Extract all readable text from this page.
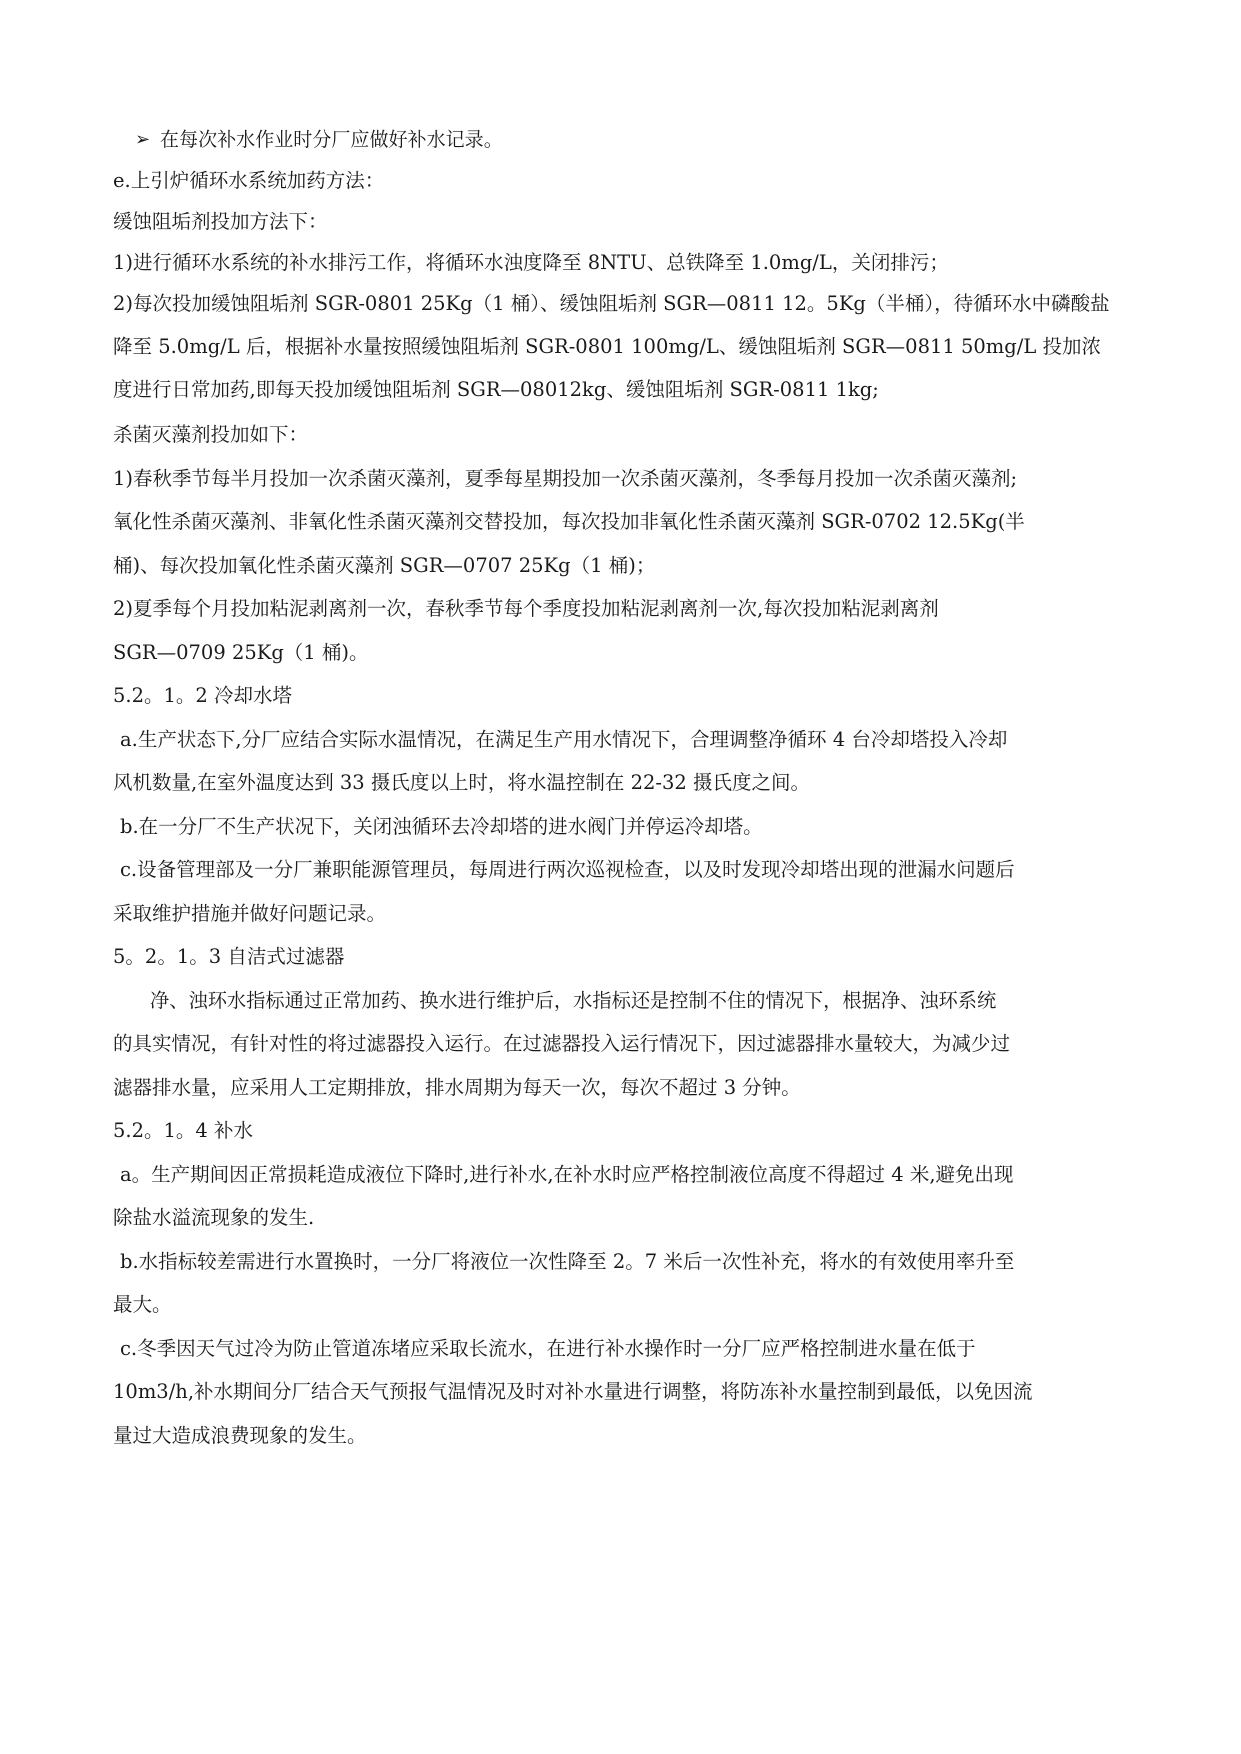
➢ 在每次补水作业时分厂应做好补水记录。
e.上引炉循环水系统加药方法：
缓蚀阻垢剂投加方法下：
1)进行循环水系统的补水排污工作，将循环水浊度降至 8NTU、总铁降至 1.0mg/L，关闭排污；
2)每次投加缓蚀阻垢剂 SGR-0801 25Kg（1 桶）、缓蚀阻垢剂 SGR—0811 12。5Kg（半桶），待循环水中磷酸盐
降至 5.0mg/L 后，根据补水量按照缓蚀阻垢剂 SGR-0801 100mg/L、缓蚀阻垢剂 SGR—0811 50mg/L 投加浓
度进行日常加药,即每天投加缓蚀阻垢剂 SGR—08012kg、缓蚀阻垢剂 SGR-0811 1kg;
杀菌灭藻剂投加如下：
1)春秋季节每半月投加一次杀菌灭藻剂，夏季每星期投加一次杀菌灭藻剂，冬季每月投加一次杀菌灭藻剂;
氧化性杀菌灭藻剂、非氧化性杀菌灭藻剂交替投加，每次投加非氧化性杀菌灭藻剂 SGR-0702 12.5Kg(半
桶)、每次投加氧化性杀菌灭藻剂 SGR—0707 25Kg（1 桶)；
2)夏季每个月投加粘泥剥离剂一次，春秋季节每个季度投加粘泥剥离剂一次,每次投加粘泥剥离剂
SGR—0709 25Kg（1 桶)。
5.2。1。2 冷却水塔
a.生产状态下,分厂应结合实际水温情况，在满足生产用水情况下，合理调整净循环 4 台冷却塔投入冷却
风机数量,在室外温度达到 33 摄氏度以上时，将水温控制在 22-32 摄氏度之间。
b.在一分厂不生产状况下，关闭浊循环去冷却塔的进水阀门并停运冷却塔。
c.设备管理部及一分厂兼职能源管理员，每周进行两次巡视检查，以及时发现冷却塔出现的泄漏水问题后
采取维护措施并做好问题记录。
5。2。1。3 自洁式过滤器
净、浊环水指标通过正常加药、换水进行维护后，水指标还是控制不住的情况下，根据净、浊环系统
的具实情况，有针对性的将过滤器投入运行。在过滤器投入运行情况下，因过滤器排水量较大，为减少过
滤器排水量，应采用人工定期排放，排水周期为每天一次，每次不超过 3 分钟。
5.2。1。4 补水
a。生产期间因正常损耗造成液位下降时,进行补水,在补水时应严格控制液位高度不得超过 4 米,避免出现
除盐水溢流现象的发生.
b.水指标较差需进行水置换时，一分厂将液位一次性降至 2。7 米后一次性补充，将水的有效使用率升至
最大。
c.冬季因天气过冷为防止管道冻堵应采取长流水，在进行补水操作时一分厂应严格控制进水量在低于
10m3/h,补水期间分厂结合天气预报气温情况及时对补水量进行调整，将防冻补水量控制到最低，以免因流
量过大造成浪费现象的发生。
